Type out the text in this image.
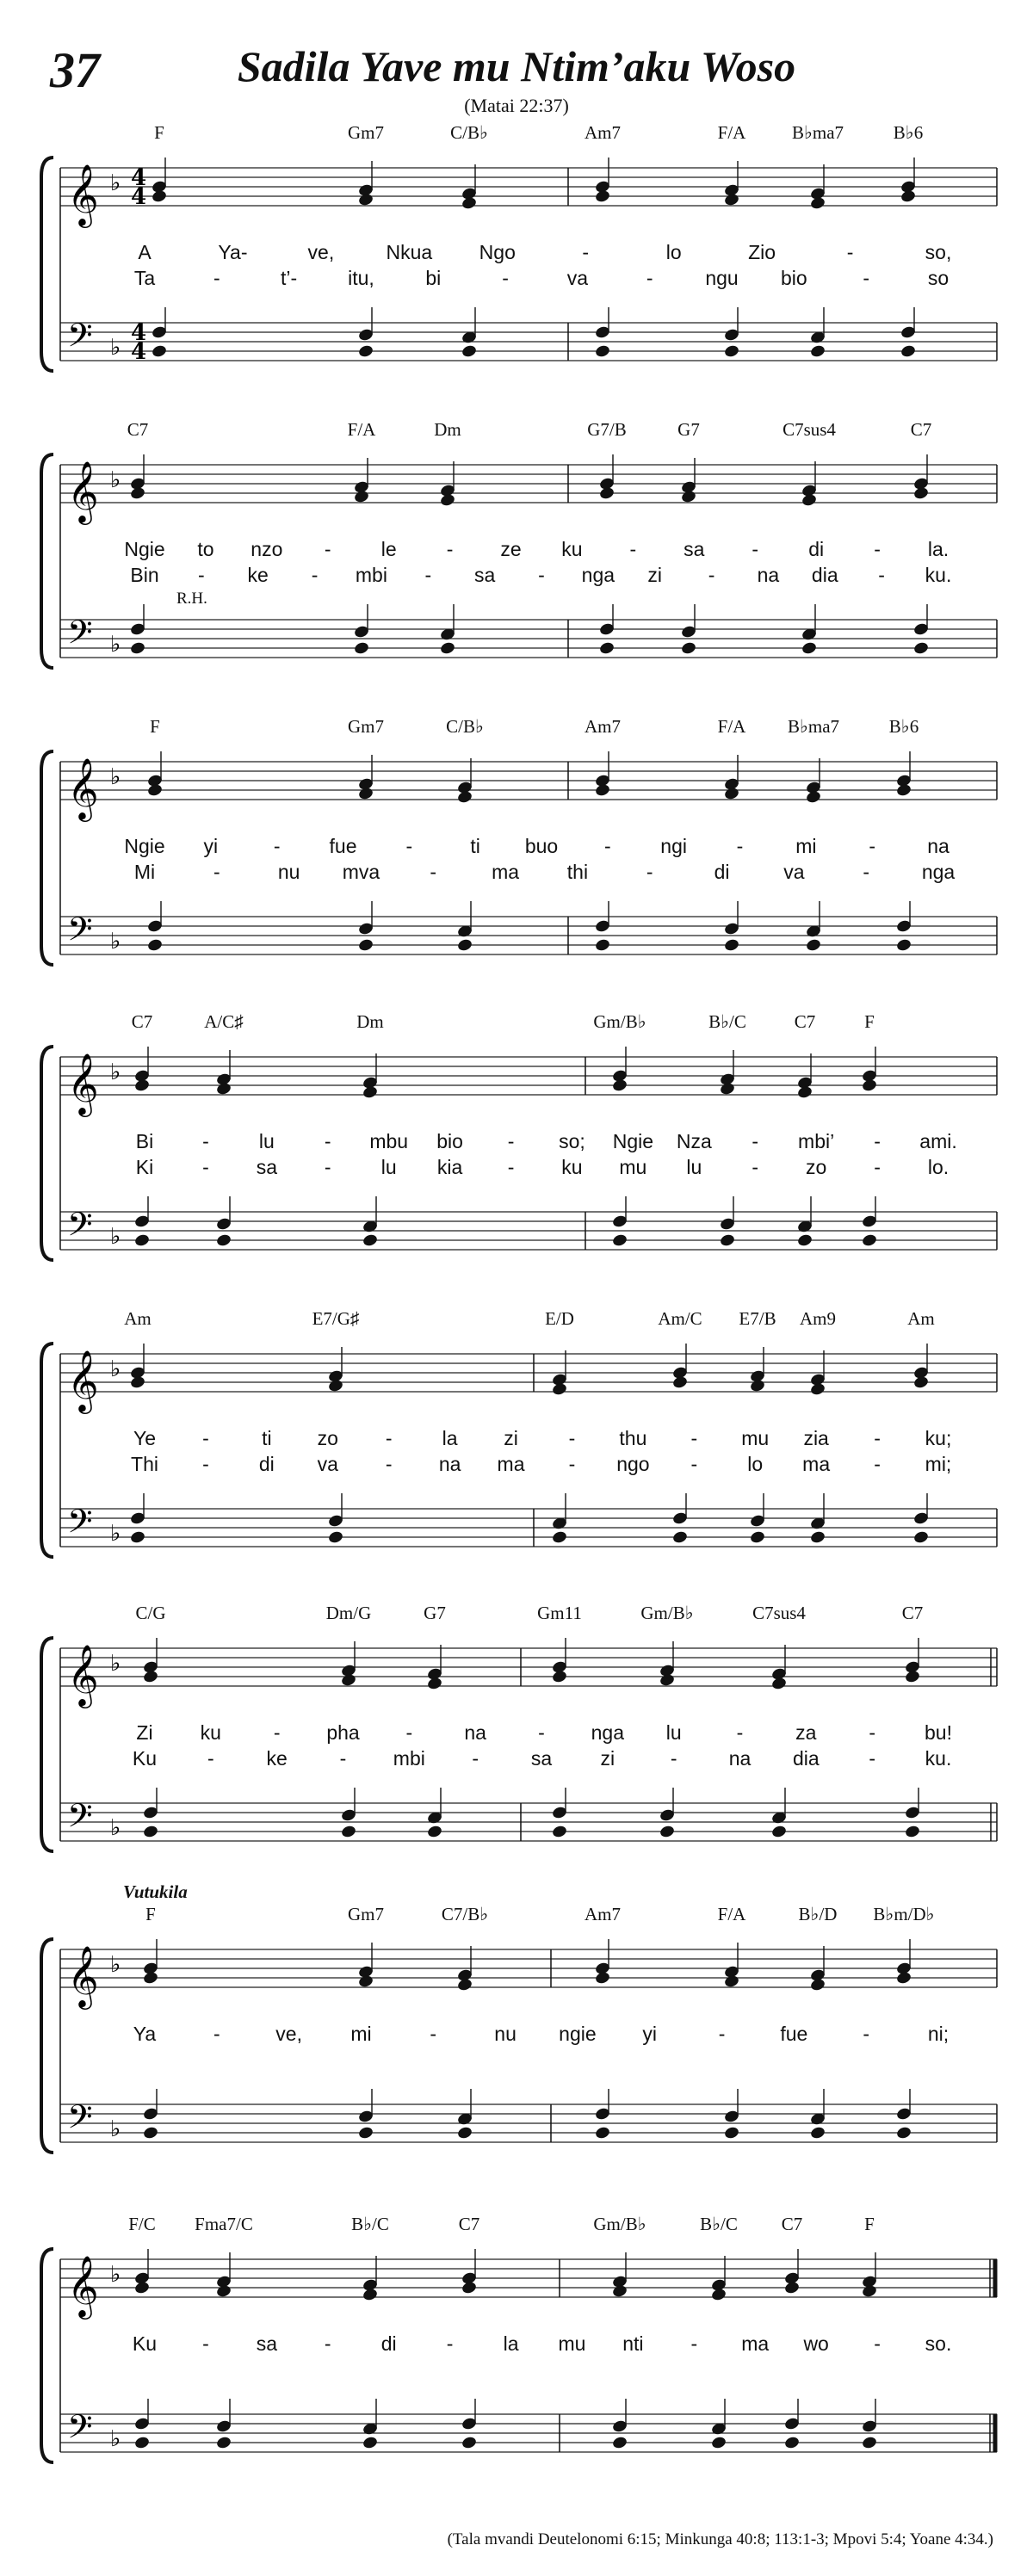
37	Sadila Yave mu Ntim’aku Woso
(Matai 22:37)
𝄞
𝄢
♭
♭
4
4
4
4
F	Gm7	C/B♭	Am7	F/A	B♭ma7	B♭6
A	Ya-	ve,	Nkua Ngo	-	lo	Zio	-	so,
Ta	-	t’-	itu,	bi	-	va	-	ngu bio	-	so
𝄞
𝄢
♭
♭
C7	F/A	Dm	G7/B	G7	C7sus4	C7
R.H.
Ngie to nzo -	le	- ze ku - sa -	di	- la.
Bin - ke - mbi - sa - nga zi - na dia - ku.
𝄞
𝄢
♭
♭
F	Gm7	C/B♭	Am7	F/A B♭ma7	B♭6
Ngie yi	- fue -	ti buo -	ngi	-	mi	-	na
Mi	-	nu mva	-	ma thi	-	di	va	-	nga
𝄞
𝄢
♭
♭
C7	A/C♯	Dm	Gm/B♭	B♭/C	C7	F
Bi -	lu	- mbu bio - so; Ngie Nza - mbi’ - ami.
Ki - sa -	lu kia - ku mu lu	- zo - lo.
𝄞
𝄢
♭
♭
Am	E7/G♯	E/D	Am/C E7/B Am9	Am
Ye -	ti zo -	la zi	- thu - mu zia - ku;
Thi -	di va - na ma - ngo -	lo ma - mi;
𝄞
𝄢
♭
♭
C/G	Dm/G	G7	Gm11	Gm/B♭	C7sus4	C7
Zi ku	- pha -	na	- nga lu	-	za	- bu!
Ku	-	ke	- mbi -	sa zi	-	na dia	-	ku.
𝄞
𝄢
♭
♭
Vutukila
F	Gm7	C7/B♭	Am7	F/A	B♭/D B♭m/D♭
Ya	-	ve, mi	-	nu ngie yi	-	fue	-	ni;
𝄞
𝄢
♭
♭
F/C Fma7/C	B♭/C	C7	Gm/B♭	B♭/C C7	F
Ku - sa -	di	-	la mu nti - ma wo - so.
(Tala mvandi Deutelonomi 6:15; Minkunga 40:8; 113:1-3; Mpovi 5:4; Yoane 4:34.)
